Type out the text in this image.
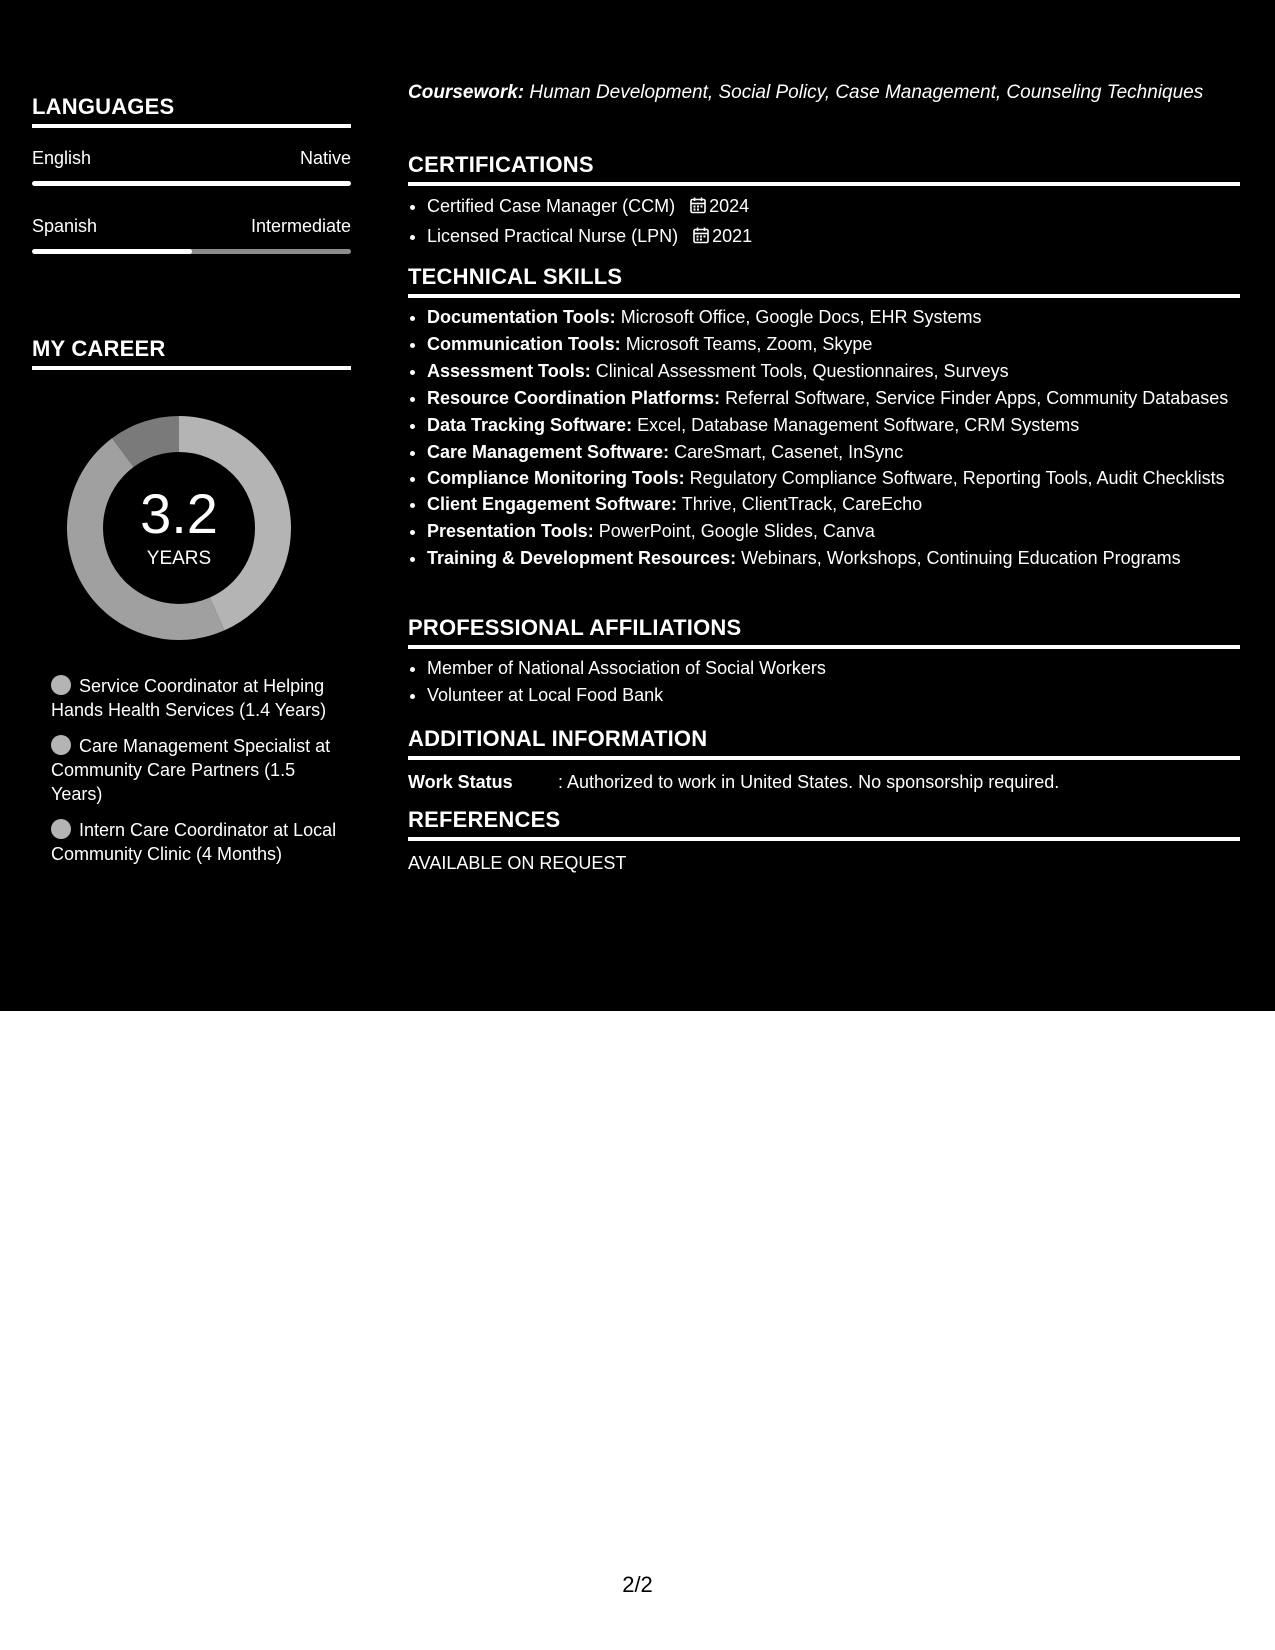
LANGUAGES
English	Native
Spanish	Intermediate
MY CAREER
3.2
YEARS
Service Coordinator at Helping Hands Health Services (1.4 Years)
Care Management Specialist at Community Care Partners (1.5 Years)
Intern Care Coordinator at Local Community Clinic (4 Months)
Coursework: Human Development, Social Policy, Case Management, Counseling Techniques
CERTIFICATIONS
• Certified Case Manager (CCM) 2024
• Licensed Practical Nurse (LPN) 2021
TECHNICAL SKILLS
• Documentation Tools: Microsoft Office, Google Docs, EHR Systems
• Communication Tools: Microsoft Teams, Zoom, Skype
• Assessment Tools: Clinical Assessment Tools, Questionnaires, Surveys
• Resource Coordination Platforms: Referral Software, Service Finder Apps, Community Databases
• Data Tracking Software: Excel, Database Management Software, CRM Systems
• Care Management Software: CareSmart, Casenet, InSync
• Compliance Monitoring Tools: Regulatory Compliance Software, Reporting Tools, Audit Checklists
• Client Engagement Software: Thrive, ClientTrack, CareEcho
• Presentation Tools: PowerPoint, Google Slides, Canva
• Training & Development Resources: Webinars, Workshops, Continuing Education Programs
PROFESSIONAL AFFILIATIONS
• Member of National Association of Social Workers
• Volunteer at Local Food Bank
ADDITIONAL INFORMATION
Work Status	: Authorized to work in United States. No sponsorship required.
REFERENCES
AVAILABLE ON REQUEST
2/2
